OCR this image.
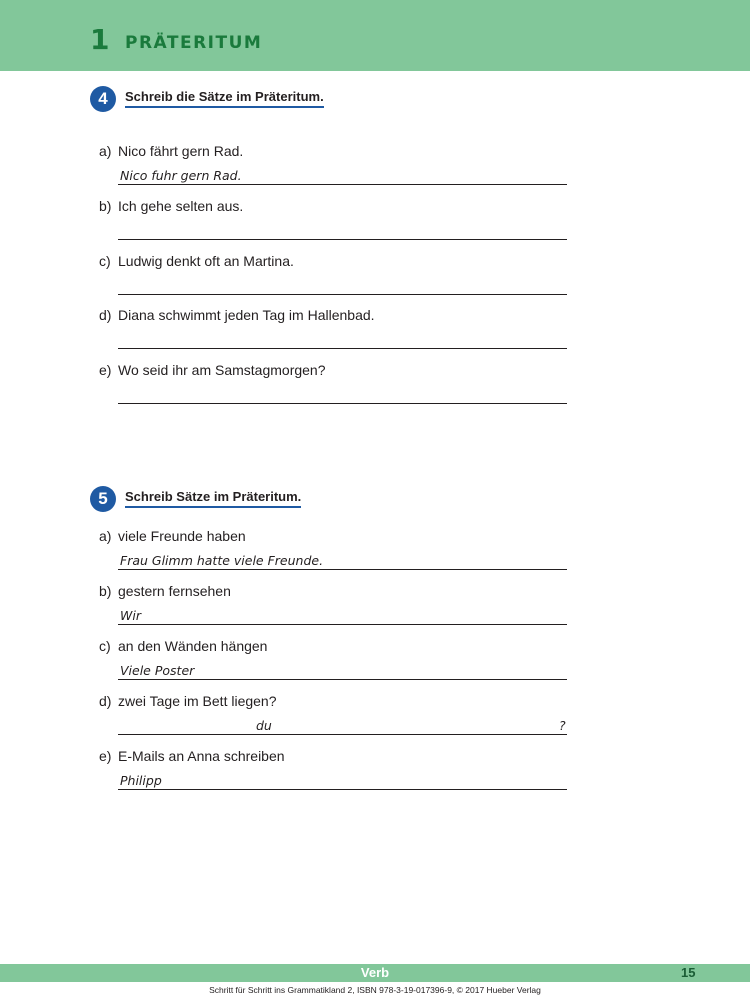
1 PRÄTERITUM
4	Schreib die Sätze im Präteritum.
a) Nico fährt gern Rad.
Nico fuhr gern Rad.
b) Ich gehe selten aus.
c) Ludwig denkt oft an Martina.
d) Diana schwimmt jeden Tag im Hallenbad.
e) Wo seid ihr am Samstagmorgen?
5	Schreib Sätze im Präteritum.
a) viele Freunde haben
Frau Glimm hatte viele Freunde.
b) gestern fernsehen
Wir
c) an den Wänden hängen
Viele Poster
d) zwei Tage im Bett liegen?
du	?
e) E-Mails an Anna schreiben
Philipp
Verb	15
Schritt für Schritt ins Grammatikland 2, ISBN 978-3-19-017396-9, © 2017 Hueber Verlag
